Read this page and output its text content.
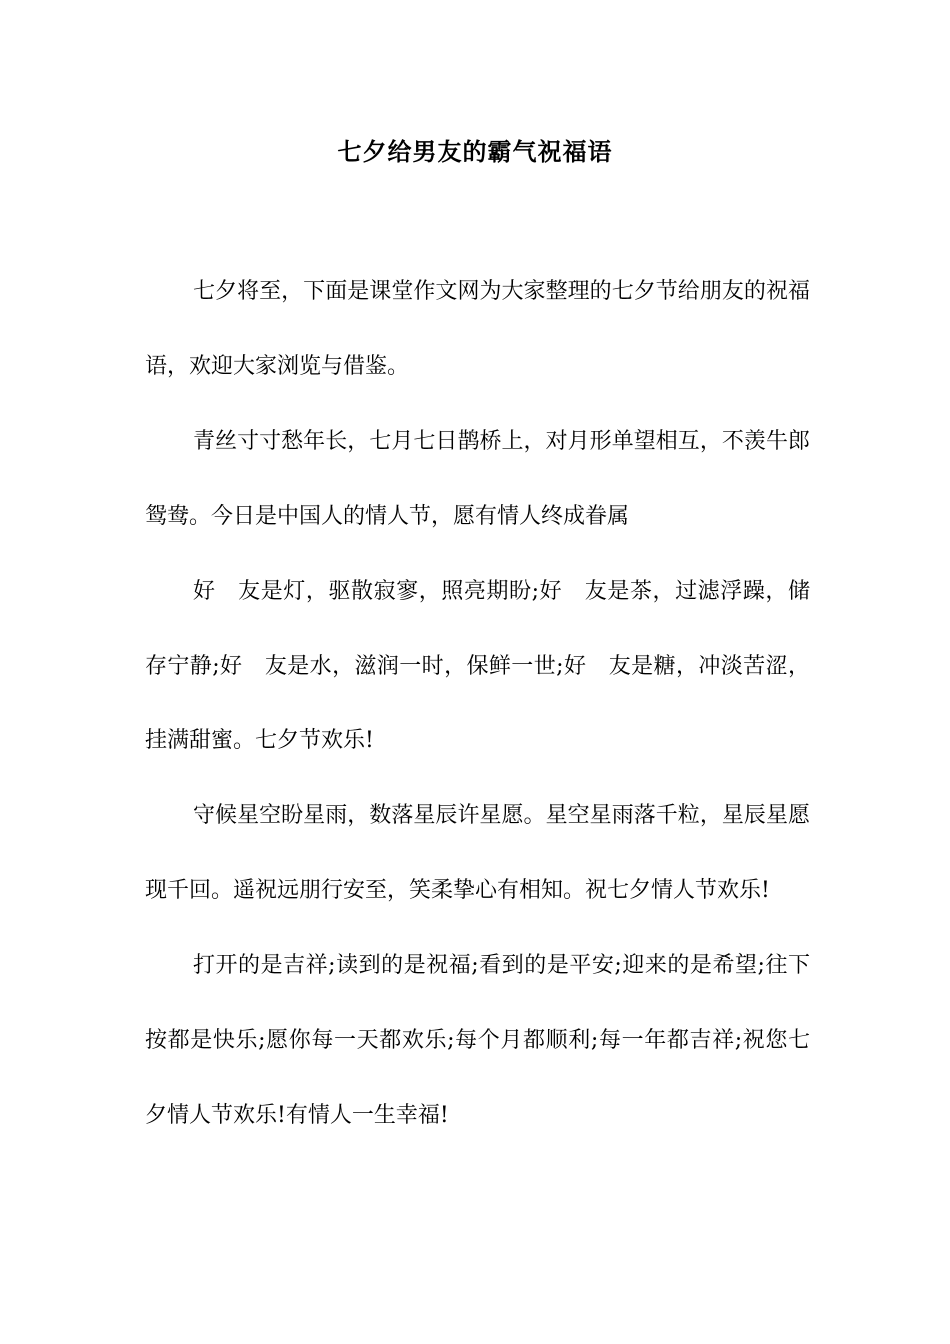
七夕给男友的霸气祝福语

七夕将至，下面是课堂作文网为大家整理的七夕节给朋友的祝福语，欢迎大家浏览与借鉴。

青丝寸寸愁年长，七月七日鹊桥上，对月形单望相互，不羡牛郎鸳鸯。今日是中国人的情人节，愿有情人终成眷属

好　友是灯，驱散寂寥，照亮期盼;好　友是茶，过滤浮躁，储存宁静;好　友是水，滋润一时，保鲜一世;好　友是糖，冲淡苦涩，挂满甜蜜。七夕节欢乐!

守候星空盼星雨，数落星辰许星愿。星空星雨落千粒，星辰星愿现千回。遥祝远朋行安至，笑柔挚心有相知。祝七夕情人节欢乐!

打开的是吉祥;读到的是祝福;看到的是平安;迎来的是希望;往下按都是快乐;愿你每一天都欢乐;每个月都顺利;每一年都吉祥;祝您七夕情人节欢乐!有情人一生幸福!
